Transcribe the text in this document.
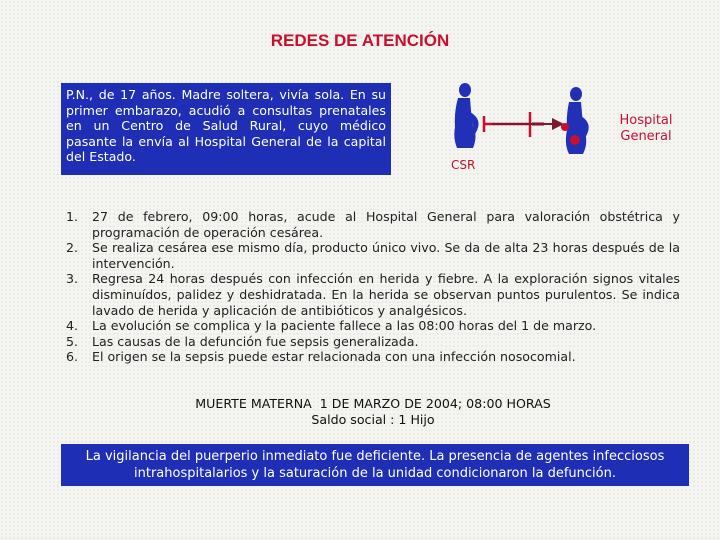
REDES DE ATENCIÓN
P.N., de 17 años. Madre soltera, vivía sola. En su primer embarazo, acudió a consultas prenatales en un Centro de Salud Rural, cuyo médico pasante la envía al Hospital General de la capital del Estado.
Hospital General
CSR
1. 27 de febrero, 09:00 horas, acude al Hospital General para valoración obstétrica y programación de operación cesárea.
2. Se realiza cesárea ese mismo día, producto único vivo. Se da de alta 23 horas después de la intervención.
3. Regresa 24 horas después con infección en herida y fiebre. A la exploración signos vitales disminuídos, palidez y deshidratada. En la herida se observan puntos purulentos. Se indica lavado de herida y aplicación de antibióticos y analgésicos.
4. La evolución se complica y la paciente fallece a las 08:00 horas del 1 de marzo.
5. Las causas de la defunción fue sepsis generalizada.
6. El origen se la sepsis puede estar relacionada con una infección nosocomial.
MUERTE MATERNA  1 DE MARZO DE 2004; 08:00 HORAS
Saldo social : 1 Hijo
La vigilancia del puerperio inmediato fue deficiente. La presencia de agentes infecciosos intrahospitalarios y la saturación de la unidad condicionaron la defunción.
